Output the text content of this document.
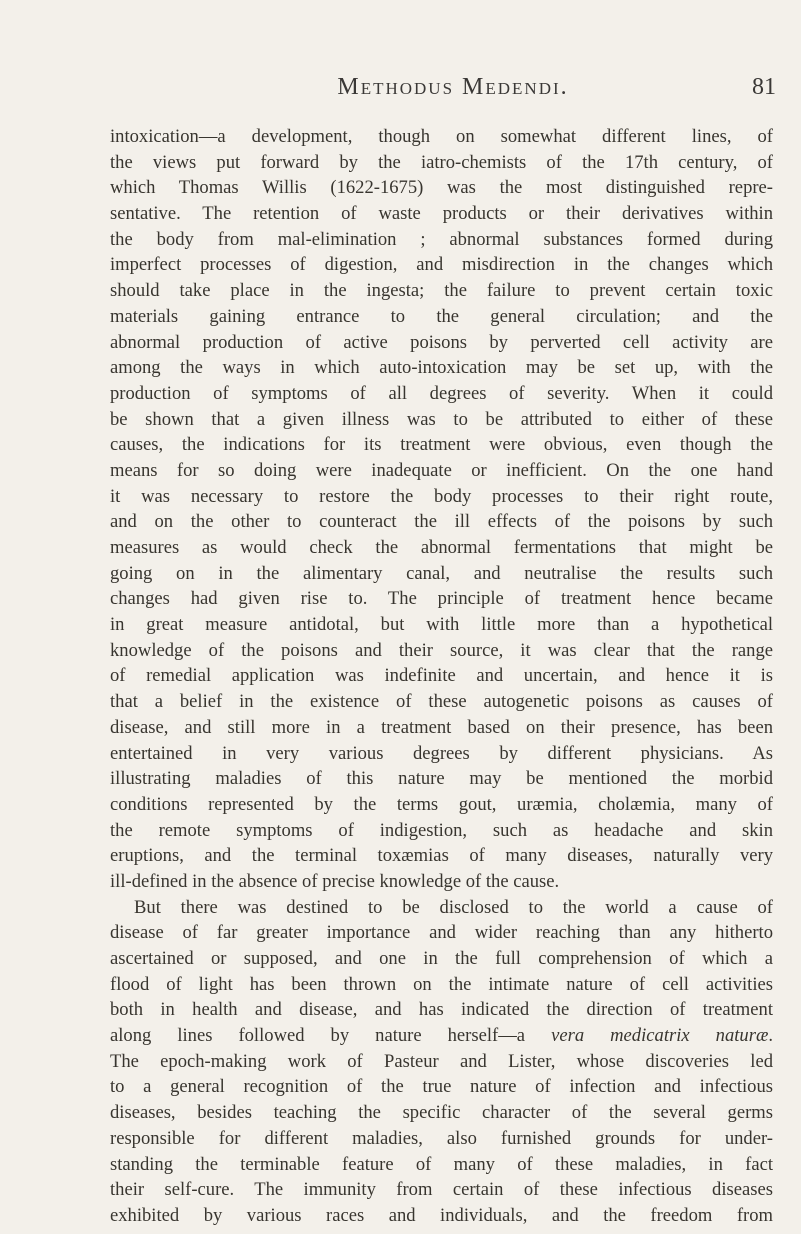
Methodus Medendi.	81
intoxication—a development, though on somewhat different lines, of
the views put forward by the iatro-chemists of the 17th century, of
which Thomas Willis (1622-1675) was the most distinguished repre-
sentative. The retention of waste products or their derivatives within
the body from mal-elimination ; abnormal substances formed during
imperfect processes of digestion, and misdirection in the changes which
should take place in the ingesta; the failure to prevent certain toxic
materials gaining entrance to the general circulation; and the
abnormal production of active poisons by perverted cell activity are
among the ways in which auto-intoxication may be set up, with the
production of symptoms of all degrees of severity. When it could
be shown that a given illness was to be attributed to either of these
causes, the indications for its treatment were obvious, even though the
means for so doing were inadequate or inefficient. On the one hand
it was necessary to restore the body processes to their right route,
and on the other to counteract the ill effects of the poisons by such
measures as would check the abnormal fermentations that might be
going on in the alimentary canal, and neutralise the results such
changes had given rise to. The principle of treatment hence became
in great measure antidotal, but with little more than a hypothetical
knowledge of the poisons and their source, it was clear that the range
of remedial application was indefinite and uncertain, and hence it is
that a belief in the existence of these autogenetic poisons as causes of
disease, and still more in a treatment based on their presence, has been
entertained in very various degrees by different physicians. As
illustrating maladies of this nature may be mentioned the morbid
conditions represented by the terms gout, uræmia, cholæmia, many of
the remote symptoms of indigestion, such as headache and skin
eruptions, and the terminal toxæmias of many diseases, naturally very
ill-defined in the absence of precise knowledge of the cause.
But there was destined to be disclosed to the world a cause of
disease of far greater importance and wider reaching than any hitherto
ascertained or supposed, and one in the full comprehension of which a
flood of light has been thrown on the intimate nature of cell activities
both in health and disease, and has indicated the direction of treatment
along lines followed by nature herself—a vera medicatrix naturæ.
The epoch-making work of Pasteur and Lister, whose discoveries led
to a general recognition of the true nature of infection and infectious
diseases, besides teaching the specific character of the several germs
responsible for different maladies, also furnished grounds for under-
standing the terminable feature of many of these maladies, in fact
their self-cure. The immunity from certain of these infectious diseases
exhibited by various races and individuals, and the freedom from
